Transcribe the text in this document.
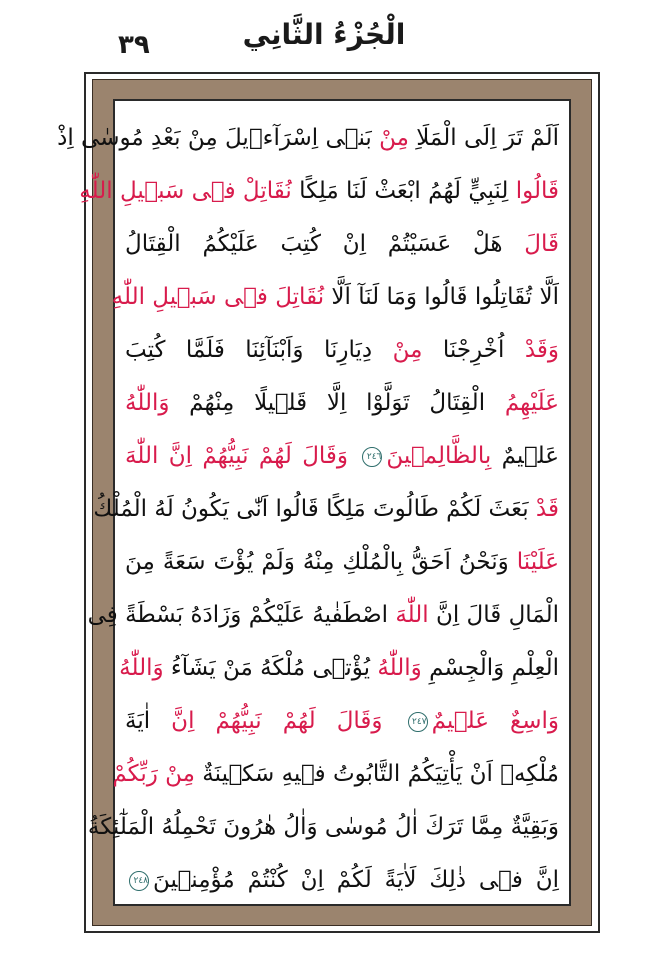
الْجُزْءُ الثَّانِي
٣٩
اَلَمْ تَرَ اِلَى الْمَلَاِ مِنْ بَنٖى اِسْرَآءٖيلَ مِنْ بَعْدِ مُوسٰى اِذْ
قَالُوا لِنَبِيٍّ لَهُمُ ابْعَثْ لَنَا مَلِكًا نُقَاتِلْ فٖى سَبٖيلِ اللّٰهِ
قَالَ هَلْ عَسَيْتُمْ اِنْ كُتِبَ عَلَيْكُمُ الْقِتَالُ
اَلَّا تُقَاتِلُوا قَالُوا وَمَا لَنَآ اَلَّا نُقَاتِلَ فٖى سَبٖيلِ اللّٰهِ
وَقَدْ اُخْرِجْنَا مِنْ دِيَارِنَا وَاَبْنَآئِنَا فَلَمَّا كُتِبَ
عَلَيْهِمُ الْقِتَالُ تَوَلَّوْا اِلَّا قَلٖيلًا مِنْهُمْ وَاللّٰهُ
عَلٖيمٌ بِالظَّالِمٖينَ٢٤٦ وَقَالَ لَهُمْ نَبِيُّهُمْ اِنَّ اللّٰهَ
قَدْ بَعَثَ لَكُمْ طَالُوتَ مَلِكًا قَالُوا اَنّٰى يَكُونُ لَهُ الْمُلْكُ
عَلَيْنَا وَنَحْنُ اَحَقُّ بِالْمُلْكِ مِنْهُ وَلَمْ يُؤْتَ سَعَةً مِنَ
الْمَالِ قَالَ اِنَّ اللّٰهَ اصْطَفٰيهُ عَلَيْكُمْ وَزَادَهُ بَسْطَةً فِى
الْعِلْمِ وَالْجِسْمِ وَاللّٰهُ يُؤْتٖى مُلْكَهُ مَنْ يَشَآءُ وَاللّٰهُ
وَاسِعٌ عَلٖيمٌ٢٤٧ وَقَالَ لَهُمْ نَبِيُّهُمْ اِنَّ اٰيَةَ
مُلْكِهٖ اَنْ يَأْتِيَكُمُ التَّابُوتُ فٖيهِ سَكٖينَةٌ مِنْ رَبِّكُمْ
وَبَقِيَّةٌ مِمَّا تَرَكَ اٰلُ مُوسٰى وَاٰلُ هٰرُونَ تَحْمِلُهُ الْمَلٰٓئِكَةُ
اِنَّ فٖى ذٰلِكَ لَاٰيَةً لَكُمْ اِنْ كُنْتُمْ مُؤْمِنٖينَ٢٤٨
